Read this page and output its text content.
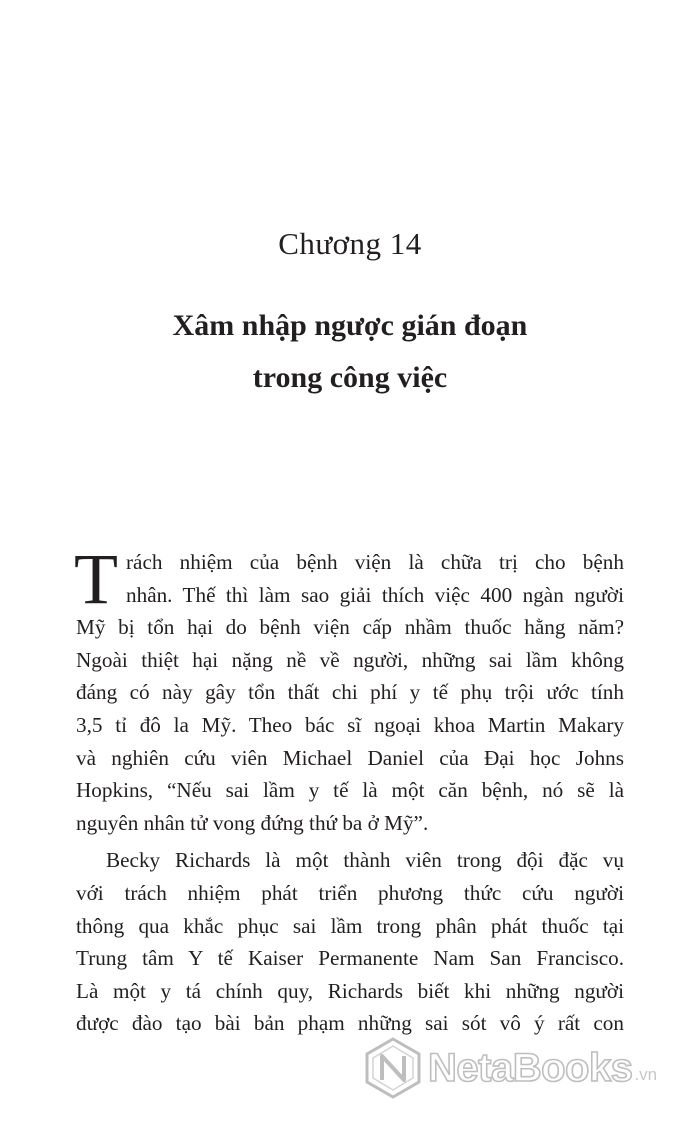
Chương 14
Xâm nhập ngược gián đoạn
trong công việc
T rách nhiệm của bệnh viện là chữa trị cho bệnh
nhân. Thế thì làm sao giải thích việc 400 ngàn người
Mỹ bị tổn hại do bệnh viện cấp nhầm thuốc hằng năm?
Ngoài thiệt hại nặng nề về người, những sai lầm không
đáng có này gây tổn thất chi phí y tế phụ trội ước tính
3,5 tỉ đô la Mỹ. Theo bác sĩ ngoại khoa Martin Makary
và nghiên cứu viên Michael Daniel của Đại học Johns
Hopkins, “Nếu sai lầm y tế là một căn bệnh, nó sẽ là
nguyên nhân tử vong đứng thứ ba ở Mỹ”.
Becky Richards là một thành viên trong đội đặc vụ
với trách nhiệm phát triển phương thức cứu người
thông qua khắc phục sai lầm trong phân phát thuốc tại
Trung tâm Y tế Kaiser Permanente Nam San Francisco.
Là một y tá chính quy, Richards biết khi những người
được đào tạo bài bản phạm những sai sót vô ý rất con
NetaBooks .vn
